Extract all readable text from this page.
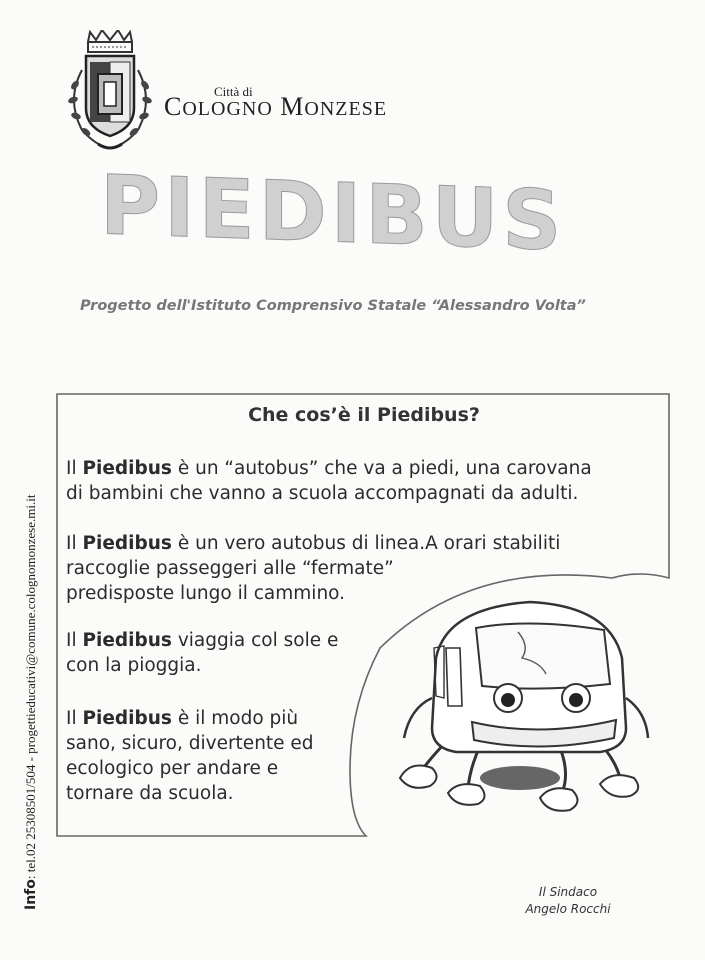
Città di
COLOGNO MONZESE
PIEDIBUS
Progetto dell'Istituto Comprensivo Statale “Alessandro Volta”
Che cos’è il Piedibus?
Il Piedibus è un “autobus” che va a piedi, una carovana
di bambini che vanno a scuola accompagnati da adulti.
Il Piedibus è un vero autobus di linea.A orari stabiliti
raccoglie passeggeri alle “fermate”
predisposte lungo il cammino.
Il Piedibus viaggia col sole e
con la pioggia.
Il Piedibus è il modo più
sano, sicuro, divertente ed
ecologico per andare e
tornare da scuola.
Info: tel.02 25308501/504 - progettieducativi@comune.colognomonzese.mi.it
Il Sindaco
Angelo Rocchi
